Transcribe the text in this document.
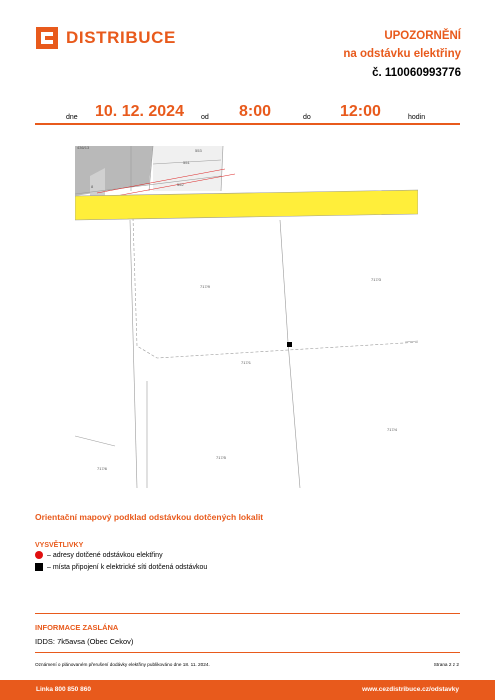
DISTRIBUCE	UPOZORNĚNÍ
na odstávku elektřiny
č. 110060993776
dne 10. 12. 2024 od 8:00	do 12:00	hodin
436/13
553
551
552
8
717/9
717/3
717/1
717/4
717/5
717/6
Orientační mapový podklad odstávkou dotčených lokalit
VYSVĚTLIVKY
– adresy dotčené odstávkou elektřiny
– místa připojení k elektrické síti dotčená odstávkou
INFORMACE ZASLÁNA
IDDS: 7k5avsa (Obec Cekov)
Oznámení o plánovaném přerušení dodávky elektřiny publikováno dne 18. 11. 2024.	Strana 2 z 2
Linka 800 850 860	www.cezdistribuce.cz/odstavky
